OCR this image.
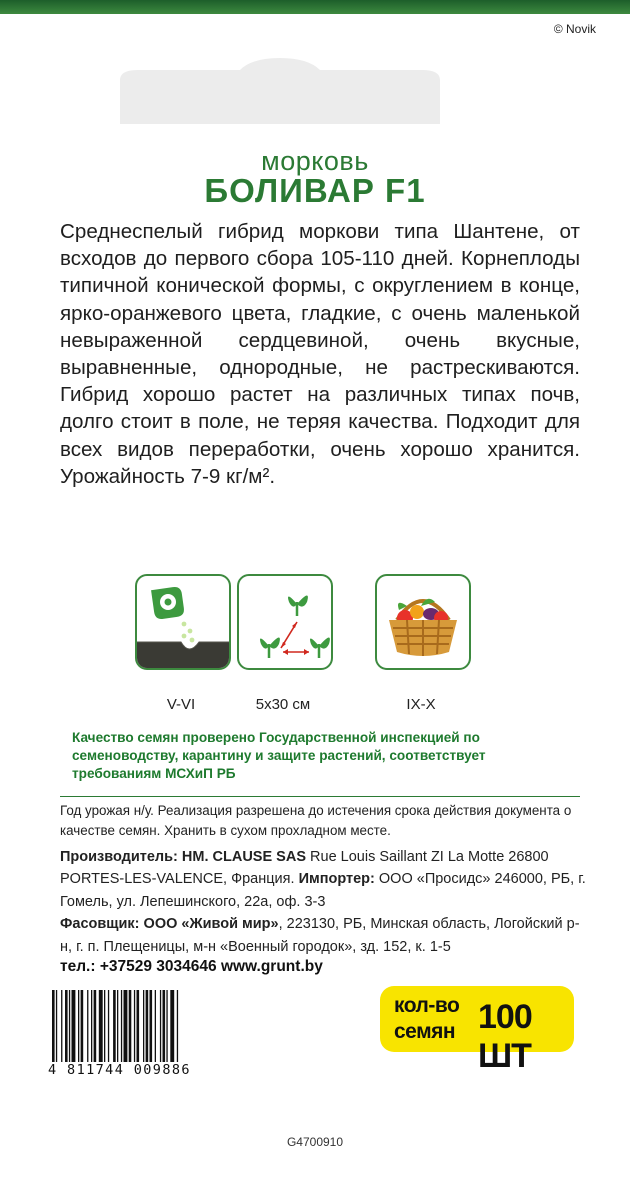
© Novik
морковь
БОЛИВАР F1

Среднеспелый гибрид моркови типа Шантене, от всходов до первого сбора 105-110 дней. Корнеплоды типичной конической формы, с округлением в конце, ярко-оранжевого цвета, гладкие, с очень маленькой невыраженной сердцевиной, очень вкусные, выравненные, однородные, не растрескиваются. Гибрид хорошо растет на различных типах почв, долго стоит в поле, не теряя качества. Подходит для всех видов переработки, очень хорошо хранится. Урожайность 7-9 кг/м².

V-VI	5х30 см	IX-X

Качество семян проверено Государственной инспекцией по семеноводству, карантину и защите растений, соответствует требованиям МСХиП РБ

Год урожая н/у. Реализация разрешена до истечения срока действия документа о качестве семян. Хранить в сухом прохладном месте.

Производитель: HM. CLAUSE SAS Rue Louis Saillant ZI La Motte 26800 PORTES-LES-VALENCE, Франция. Импортер: ООО «Просидс» 246000, РБ, г. Гомель, ул. Лепешинского, 22а, оф. 3-3
Фасовщик: ООО «Живой мир», 223130, РБ, Минская область, Логойский р-н, г. п. Плещеницы, м-н «Военный городок», зд. 152, к. 1-5

тел.: +37529 3034646 www.grunt.by
4 811744 009886
кол-во
семян 100 ШТ
G4700910
